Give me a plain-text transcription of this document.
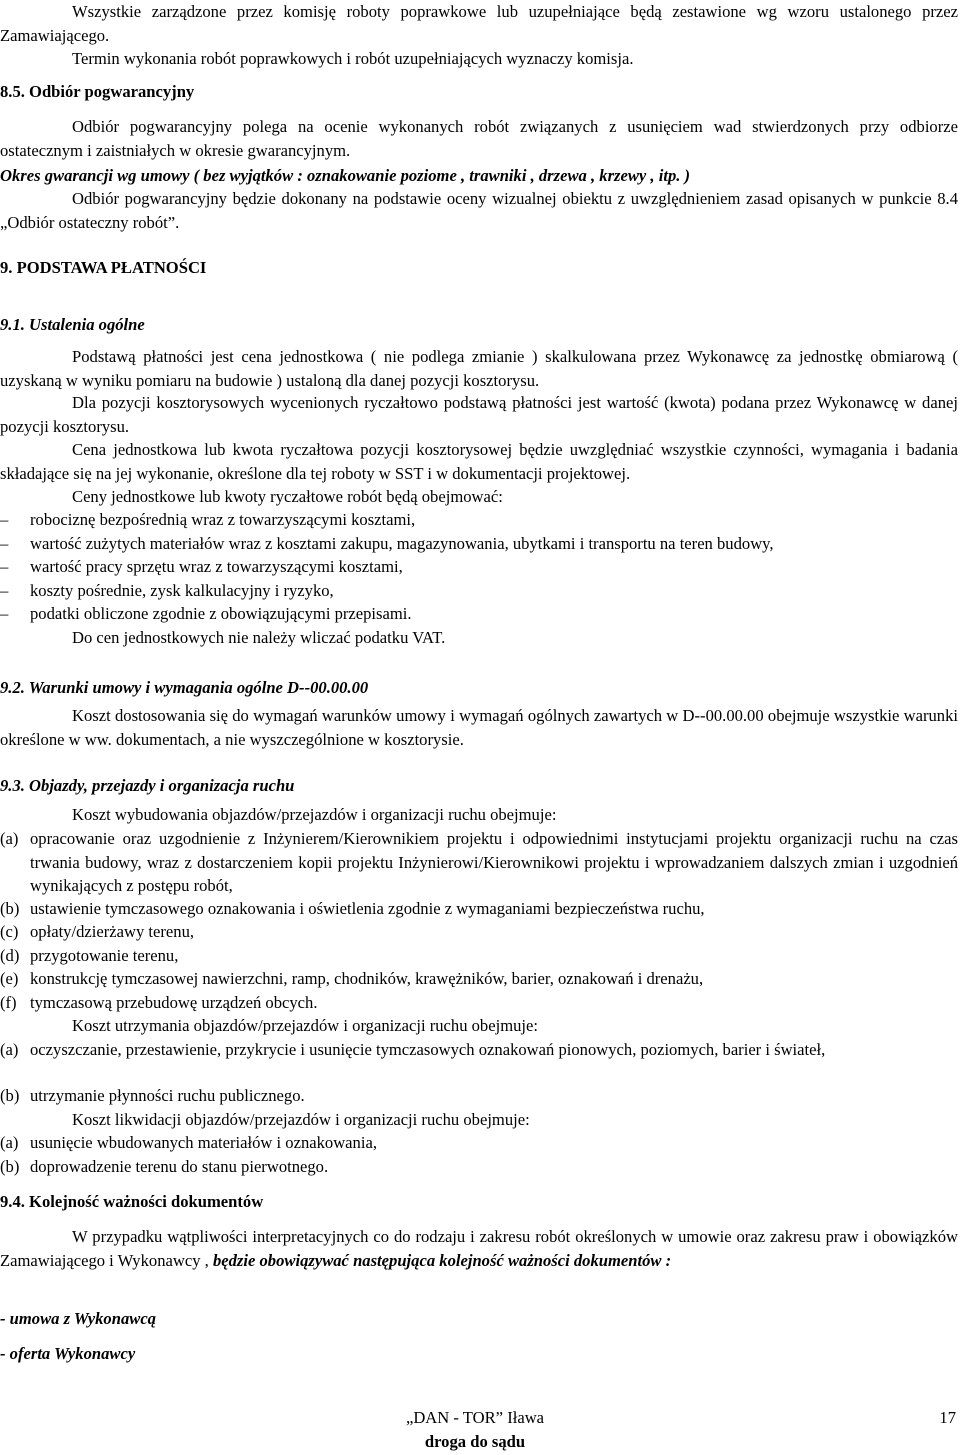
Wszystkie zarządzone przez komisję roboty poprawkowe lub uzupełniające będą zestawione wg wzoru ustalonego przez Zamawiającego.

Termin wykonania robót poprawkowych i robót uzupełniających wyznaczy komisja.
8.5. Odbiór pogwarancyjny

Odbiór pogwarancyjny polega na ocenie wykonanych robót związanych z usunięciem wad stwierdzonych przy odbiorze ostatecznym i zaistniałych w okresie gwarancyjnym.

Okres gwarancji wg umowy ( bez wyjątków : oznakowanie poziome , trawniki , drzewa , krzewy , itp. )

Odbiór pogwarancyjny będzie dokonany na podstawie oceny wizualnej obiektu z uwzględnieniem zasad opisanych w punkcie 8.4 „Odbiór ostateczny robót”.

9. PODSTAWA PŁATNOŚCI
9.1. Ustalenia ogólne

Podstawą płatności jest cena jednostkowa ( nie podlega zmianie ) skalkulowana przez Wykonawcę za jednostkę obmiarową ( uzyskaną w wyniku pomiaru na budowie ) ustaloną dla danej pozycji kosztorysu.

Dla pozycji kosztorysowych wycenionych ryczałtowo podstawą płatności jest wartość (kwota) podana przez Wykonawcę w danej pozycji kosztorysu.

Cena jednostkowa lub kwota ryczałtowa pozycji kosztorysowej będzie uwzględniać wszystkie czynności, wymagania i badania składające się na jej wykonanie, określone dla tej roboty w SST i w dokumentacji projektowej.

Ceny jednostkowe lub kwoty ryczałtowe robót będą obejmować:
– robociznę bezpośrednią wraz z towarzyszącymi kosztami,
– wartość zużytych materiałów wraz z kosztami zakupu, magazynowania, ubytkami i transportu na teren budowy,
– wartość pracy sprzętu wraz z towarzyszącymi kosztami,
– koszty pośrednie, zysk kalkulacyjny i ryzyko,
– podatki obliczone zgodnie z obowiązującymi przepisami.
Do cen jednostkowych nie należy wliczać podatku VAT.
9.2. Warunki umowy i wymagania ogólne D--00.00.00

Koszt dostosowania się do wymagań warunków umowy i wymagań ogólnych zawartych w D--00.00.00 obejmuje wszystkie warunki określone w ww. dokumentach, a nie wyszczególnione w kosztorysie.

9.3. Objazdy, przejazdy i organizacja ruchu
Koszt wybudowania objazdów/przejazdów i organizacji ruchu obejmuje:
(a) opracowanie oraz uzgodnienie z Inżynierem/Kierownikiem projektu i odpowiednimi instytucjami projektu organizacji ruchu na czas trwania budowy, wraz z dostarczeniem kopii projektu Inżynierowi/Kierownikowi projektu i wprowadzaniem dalszych zmian i uzgodnień wynikających z postępu robót,
(b) ustawienie tymczasowego oznakowania i oświetlenia zgodnie z wymaganiami bezpieczeństwa ruchu,
(c) opłaty/dzierżawy terenu,
(d) przygotowanie terenu,
(e) konstrukcję tymczasowej nawierzchni, ramp, chodników, krawężników, barier, oznakowań i drenażu,
(f) tymczasową przebudowę urządzeń obcych.
Koszt utrzymania objazdów/przejazdów i organizacji ruchu obejmuje:
(a) oczyszczanie, przestawienie, przykrycie i usunięcie tymczasowych oznakowań pionowych, poziomych, barier i świateł,
(b) utrzymanie płynności ruchu publicznego.
Koszt likwidacji objazdów/przejazdów i organizacji ruchu obejmuje:
(a) usunięcie wbudowanych materiałów i oznakowania,
(b) doprowadzenie terenu do stanu pierwotnego.
9.4. Kolejność ważności dokumentów

W przypadku wątpliwości interpretacyjnych co do rodzaju i zakresu robót określonych w umowie oraz zakresu praw i obowiązków Zamawiającego i Wykonawcy , będzie obowiązywać następująca kolejność ważności dokumentów :

- umowa z Wykonawcą
- oferta Wykonawcy
„DAN - TOR” Iława
droga do sądu
17
